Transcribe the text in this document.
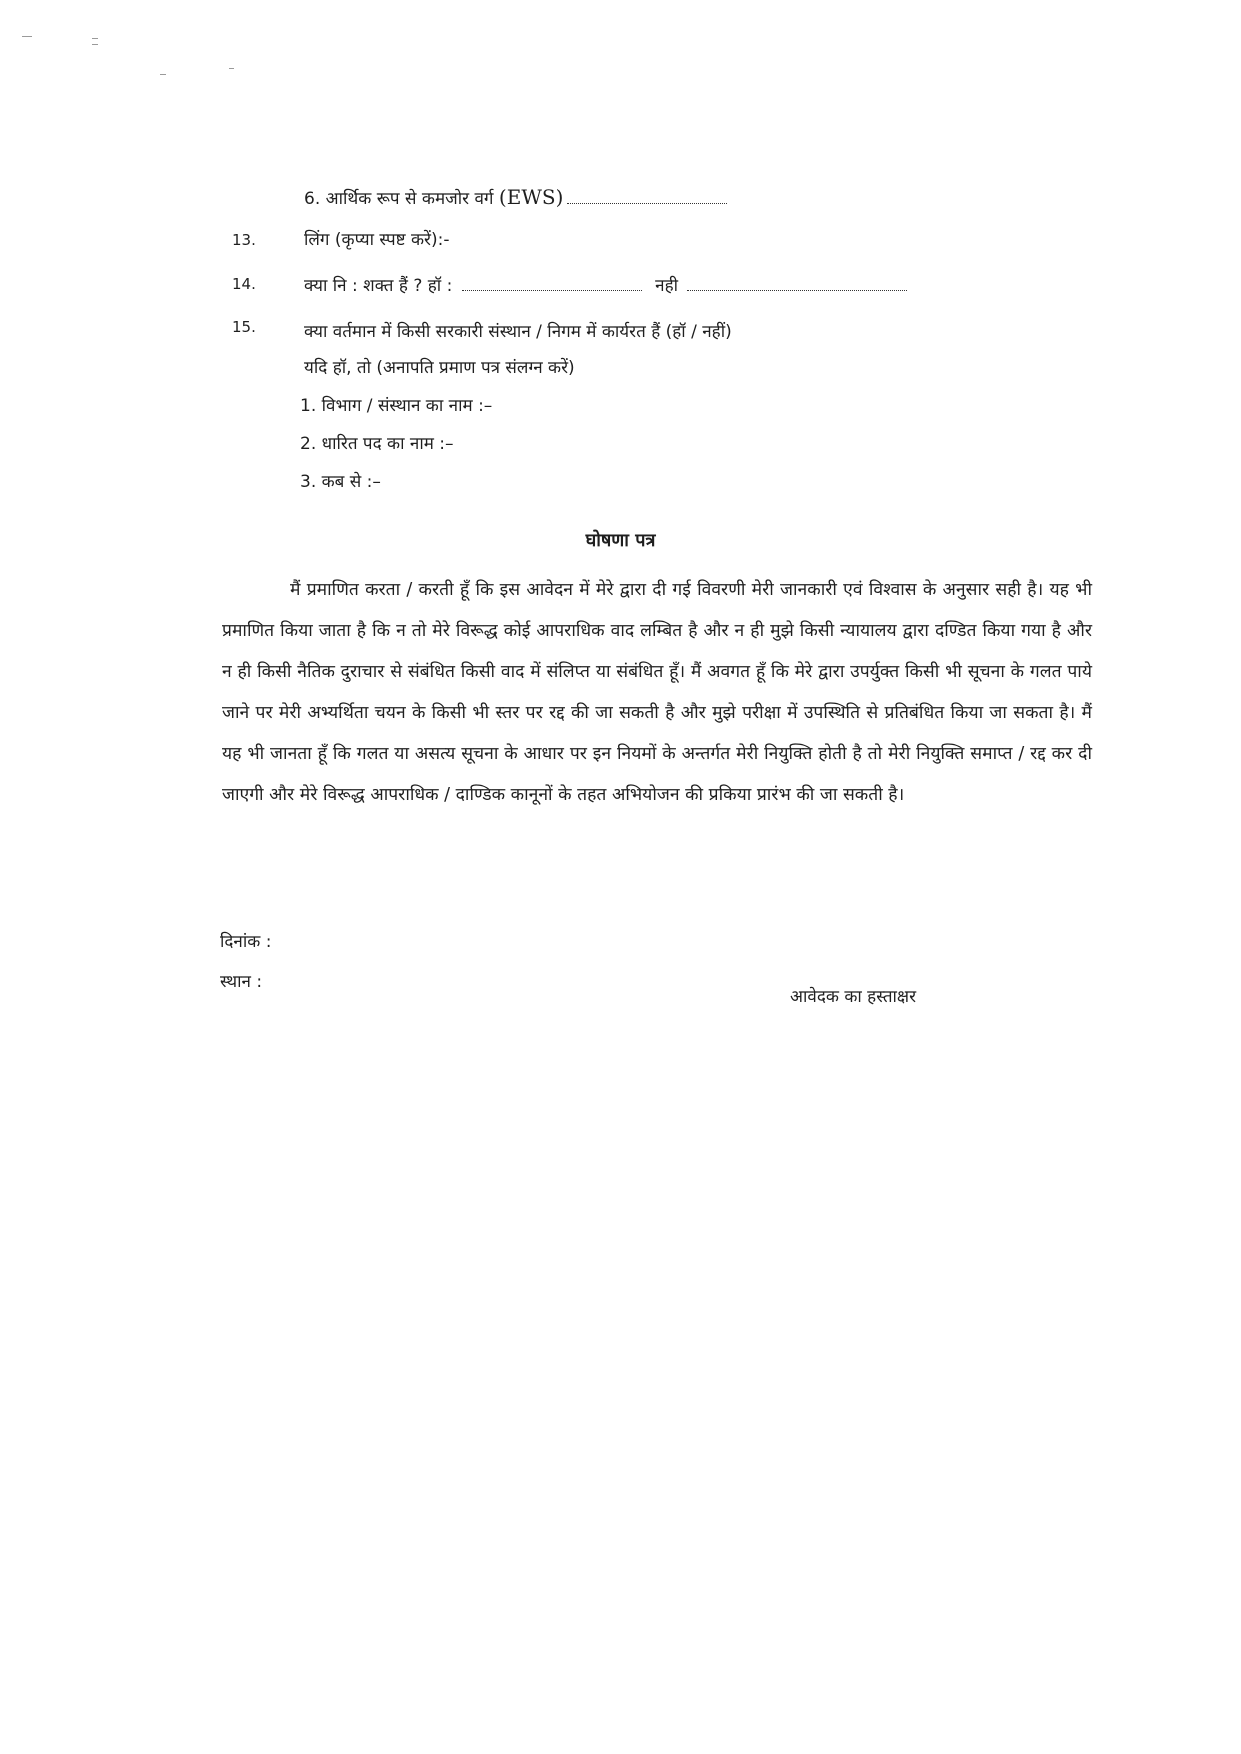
6. आर्थिक रूप से कमजोर वर्ग (EWS)
13.	लिंग (कृप्या स्पष्ट करें):-
14.	क्या नि : शक्त हैं ? हॉ :	नही
15.	क्या वर्तमान में किसी सरकारी संस्थान / निगम में कार्यरत हैं (हॉ / नहीं)
यदि हॉ, तो (अनापति प्रमाण पत्र संलग्न करें)
1. विभाग / संस्थान का नाम :–
2. धारित पद का नाम :–
3. कब से :–
घोषणा पत्र
मैं प्रमाणित करता / करती हूँ कि इस आवेदन में मेरे द्वारा दी गई विवरणी मेरी जानकारी एवं विश्वास के अनुसार सही है। यह भी प्रमाणित किया जाता है कि न तो मेरे विरूद्ध कोई आपराधिक वाद लम्बित है और न ही मुझे किसी न्यायालय द्वारा दण्डित किया गया है और न ही किसी नैतिक दुराचार से संबंधित किसी वाद में संलिप्त या संबंधित हूँ। मैं अवगत हूँ कि मेरे द्वारा उपर्युक्त किसी भी सूचना के गलत पाये जाने पर मेरी अभ्यर्थिता चयन के किसी भी स्तर पर रद्द की जा सकती है और मुझे परीक्षा में उपस्थिति से प्रतिबंधित किया जा सकता है। मैं यह भी जानता हूँ कि गलत या असत्य सूचना के आधार पर इन नियमों के अन्तर्गत मेरी नियुक्ति होती है तो मेरी नियुक्ति समाप्त / रद्द कर दी जाएगी और मेरे विरूद्ध आपराधिक / दाण्डिक कानूनों के तहत अभियोजन की प्रकिया प्रारंभ की जा सकती है।
दिनांक :
स्थान :
आवेदक का हस्ताक्षर
